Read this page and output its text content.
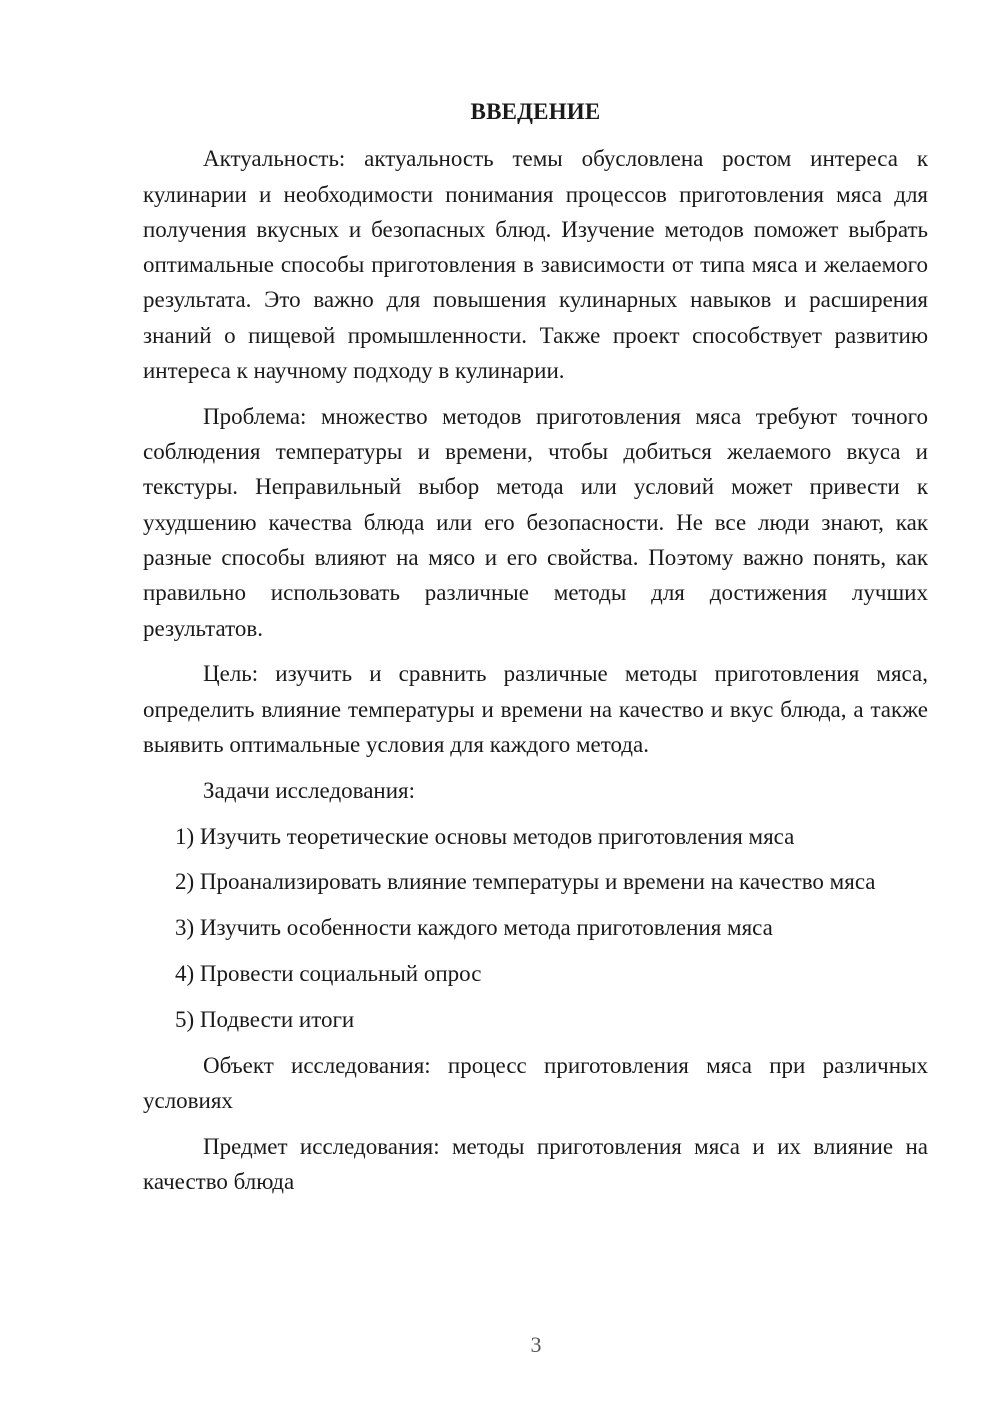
ВВЕДЕНИЕ

Актуальность: актуальность темы обусловлена ростом интереса к кулинарии и необходимости понимания процессов приготовления мяса для получения вкусных и безопасных блюд. Изучение методов поможет выбрать оптимальные способы приготовления в зависимости от типа мяса и желаемого результата. Это важно для повышения кулинарных навыков и расширения знаний о пищевой промышленности. Также проект способствует развитию интереса к научному подходу в кулинарии.

Проблема: множество методов приготовления мяса требуют точного соблюдения температуры и времени, чтобы добиться желаемого вкуса и текстуры. Неправильный выбор метода или условий может привести к ухудшению качества блюда или его безопасности. Не все люди знают, как разные способы влияют на мясо и его свойства. Поэтому важно понять, как правильно использовать различные методы для достижения лучших результатов.

Цель: изучить и сравнить различные методы приготовления мяса, определить влияние температуры и времени на качество и вкус блюда, а также выявить оптимальные условия для каждого метода.

Задачи исследования:

1) Изучить теоретические основы методов приготовления мяса

2) Проанализировать влияние температуры и времени на качество мяса

3) Изучить особенности каждого метода приготовления мяса

4) Провести социальный опрос

5) Подвести итоги

Объект исследования: процесс приготовления мяса при различных условиях

Предмет исследования: методы приготовления мяса и их влияние на качество блюда

3
